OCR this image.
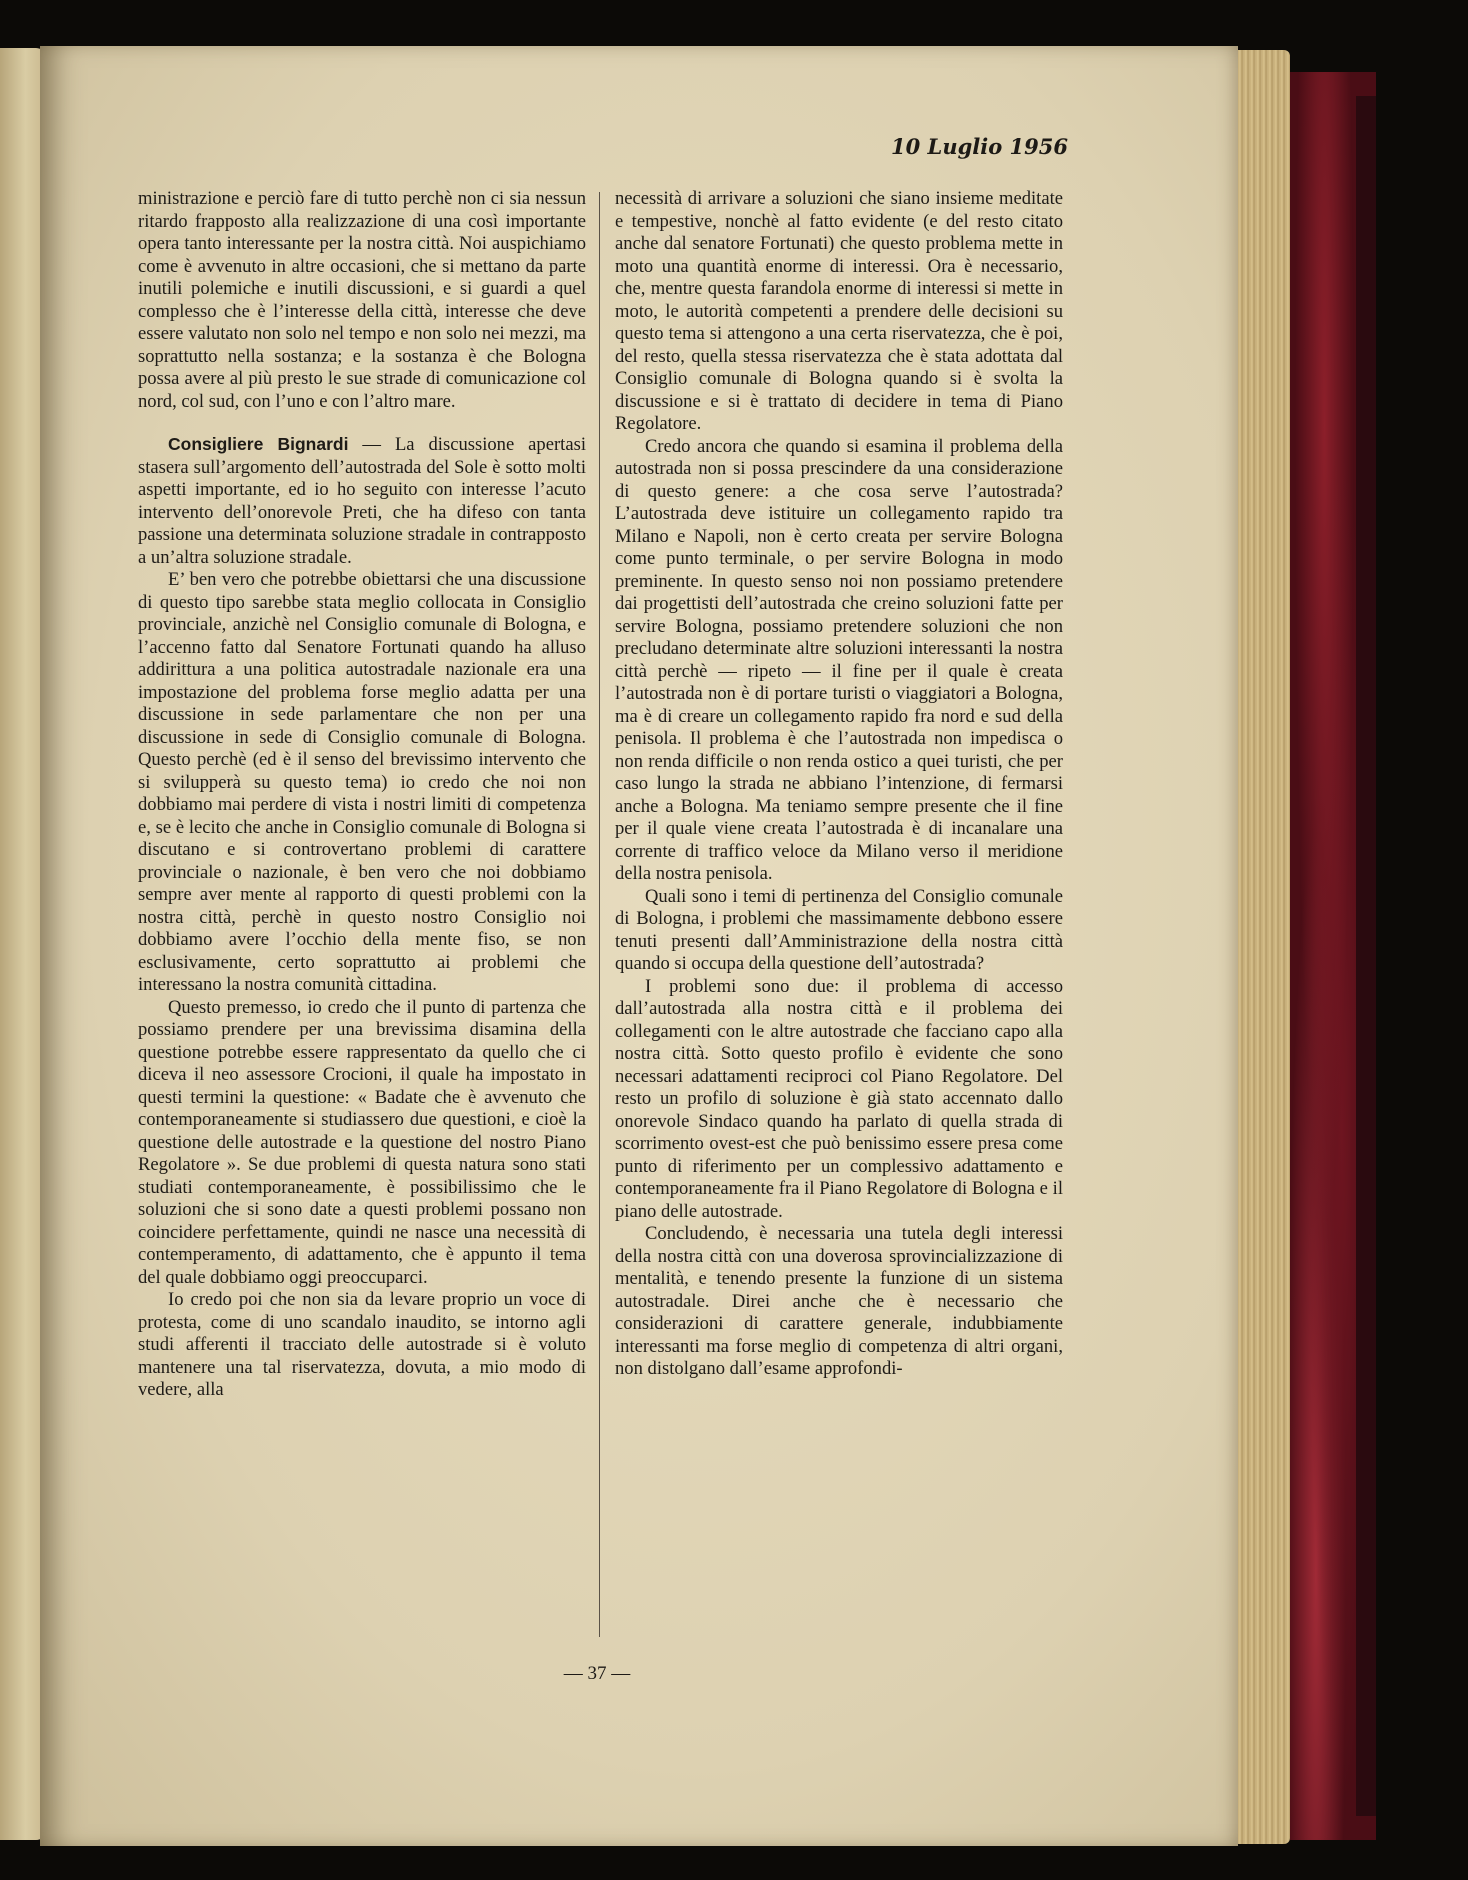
10 Luglio 1956

ministrazione e perciò fare di tutto perchè non ci sia nessun ritardo frapposto alla realizzazione di una così importante opera tanto interessante per la nostra città. Noi auspichiamo come è avvenuto in altre occasioni, che si mettano da parte inutili polemiche e inutili discussioni, e si guardi a quel complesso che è l’interesse della città, interesse che deve essere valutato non solo nel tempo e non solo nei mezzi, ma soprattutto nella sostanza; e la sostanza è che Bologna possa avere al più presto le sue strade di comunicazione col nord, col sud, con l’uno e con l’altro mare.

Consigliere Bignardi — La discussione apertasi stasera sull’argomento dell’autostrada del Sole è sotto molti aspetti importante, ed io ho seguito con interesse l’acuto intervento dell’onorevole Preti, che ha difeso con tanta passione una determinata soluzione stradale in contrapposto a un’altra soluzione stradale.

E’ ben vero che potrebbe obiettarsi che una discussione di questo tipo sarebbe stata meglio collocata in Consiglio provinciale, anzichè nel Consiglio comunale di Bologna, e l’accenno fatto dal Senatore Fortunati quando ha alluso addirittura a una politica autostradale nazionale era una impostazione del problema forse meglio adatta per una discussione in sede parlamentare che non per una discussione in sede di Consiglio comunale di Bologna. Questo perchè (ed è il senso del brevissimo intervento che si svilupperà su questo tema) io credo che noi non dobbiamo mai perdere di vista i nostri limiti di competenza e, se è lecito che anche in Consiglio comunale di Bologna si discutano e si controvertano problemi di carattere provinciale o nazionale, è ben vero che noi dobbiamo sempre aver mente al rapporto di questi problemi con la nostra città, perchè in questo nostro Consiglio noi dobbiamo avere l’occhio della mente fiso, se non esclusivamente, certo soprattutto ai problemi che interessano la nostra comunità cittadina.

Questo premesso, io credo che il punto di partenza che possiamo prendere per una brevissima disamina della questione potrebbe essere rappresentato da quello che ci diceva il neo assessore Crocioni, il quale ha impostato in questi termini la questione: « Badate che è avvenuto che contemporaneamente si studiassero due questioni, e cioè la questione delle autostrade e la questione del nostro Piano Regolatore ». Se due problemi di questa natura sono stati studiati contemporaneamente, è possibilissimo che le soluzioni che si sono date a questi problemi possano non coincidere perfettamente, quindi ne nasce una necessità di contemperamento, di adattamento, che è appunto il tema del quale dobbiamo oggi preoccuparci.

Io credo poi che non sia da levare proprio un voce di protesta, come di uno scandalo inaudito, se intorno agli studi afferenti il tracciato delle autostrade si è voluto mantenere una tal riservatezza, dovuta, a mio modo di vedere, alla

necessità di arrivare a soluzioni che siano insieme meditate e tempestive, nonchè al fatto evidente (e del resto citato anche dal senatore Fortunati) che questo problema mette in moto una quantità enorme di interessi. Ora è necessario, che, mentre questa farandola enorme di interessi si mette in moto, le autorità competenti a prendere delle decisioni su questo tema si attengono a una certa riservatezza, che è poi, del resto, quella stessa riservatezza che è stata adottata dal Consiglio comunale di Bologna quando si è svolta la discussione e si è trattato di decidere in tema di Piano Regolatore.

Credo ancora che quando si esamina il problema della autostrada non si possa prescindere da una considerazione di questo genere: a che cosa serve l’autostrada? L’autostrada deve istituire un collegamento rapido tra Milano e Napoli, non è certo creata per servire Bologna come punto terminale, o per servire Bologna in modo preminente. In questo senso noi non possiamo pretendere dai progettisti dell’autostrada che creino soluzioni fatte per servire Bologna, possiamo pretendere soluzioni che non precludano determinate altre soluzioni interessanti la nostra città perchè — ripeto — il fine per il quale è creata l’autostrada non è di portare turisti o viaggiatori a Bologna, ma è di creare un collegamento rapido fra nord e sud della penisola. Il problema è che l’autostrada non impedisca o non renda difficile o non renda ostico a quei turisti, che per caso lungo la strada ne abbiano l’intenzione, di fermarsi anche a Bologna. Ma teniamo sempre presente che il fine per il quale viene creata l’autostrada è di incanalare una corrente di traffico veloce da Milano verso il meridione della nostra penisola.

Quali sono i temi di pertinenza del Consiglio comunale di Bologna, i problemi che massimamente debbono essere tenuti presenti dall’Amministrazione della nostra città quando si occupa della questione dell’autostrada?

I problemi sono due: il problema di accesso dall’autostrada alla nostra città e il problema dei collegamenti con le altre autostrade che facciano capo alla nostra città. Sotto questo profilo è evidente che sono necessari adattamenti reciproci col Piano Regolatore. Del resto un profilo di soluzione è già stato accennato dallo onorevole Sindaco quando ha parlato di quella strada di scorrimento ovest-est che può benissimo essere presa come punto di riferimento per un complessivo adattamento e contemporaneamente fra il Piano Regolatore di Bologna e il piano delle autostrade.

Concludendo, è necessaria una tutela degli interessi della nostra città con una doverosa sprovincializzazione di mentalità, e tenendo presente la funzione di un sistema autostradale. Direi anche che è necessario che considerazioni di carattere generale, indubbiamente interessanti ma forse meglio di competenza di altri organi, non distolgano dall’esame approfondi-

— 37 —
